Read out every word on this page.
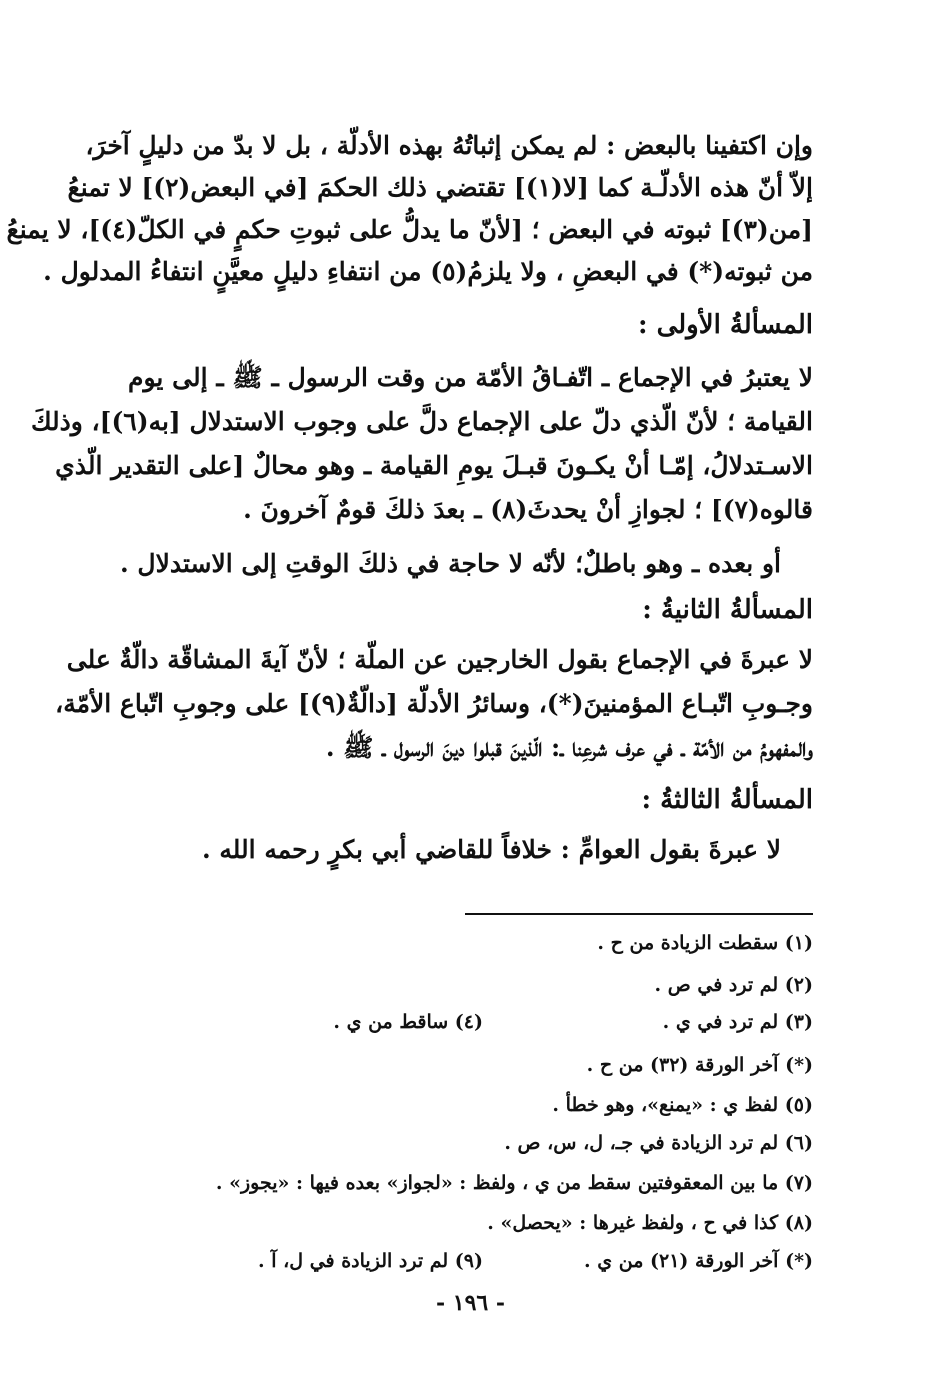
وإن اكتفينا بالبعض : لم يمكن إثباتُهُ بهذه الأدلّة ، بل لا بدّ من دليلٍ آخرَ،
إلاّ أنّ هذه الأدلّـة كما [لا(١)] تقتضي ذلك الحكمَ [في البعض(٢)] لا تمنعُ
[من(٣)] ثبوته في البعض ؛ [لأنّ ما يدلُّ على ثبوتِ حكمٍ في الكلّ(٤)]، لا يمنعُ
من ثبوته(*) في البعضِ ، ولا يلزمُ(٥) من انتفاءِ دليلٍ معيَّنٍ انتفاءُ المدلول .
المسألةُ الأولى :
لا يعتبرُ في الإجماع ـ اتّفـاقُ الأمّة من وقت الرسول ـ ﷺ ـ إلى يوم
القيامة ؛ لأنّ الّذي دلّ على الإجماع دلَّ على وجوب الاستدلال [به(٦)]، وذلكَ
الاسـتدلالُ، إمّـا أنْ يكـونَ قبـلَ يومِ القيامة ـ وهو محالٌ [على التقدير الّذي
قالوه(٧)] ؛ لجوازِ أنْ يحدثَ(٨) ـ بعدَ ذلكَ قومٌ آخرونَ .
أو بعده ـ وهو باطلٌ؛ لأنّه لا حاجة في ذلكَ الوقتِ إلى الاستدلال .
المسألةُ الثانيةُ :
لا عبرةَ في الإجماع بقول الخارجين عن الملّة ؛ لأنّ آيةَ المشاقّة دالّةٌ على
وجـوبِ اتّبـاع المؤمنينَ(*)، وسائرُ الأدلّة [دالّةٌ(٩)] على وجوبِ اتّباع الأمّة،
والمفهومُ من الأمّة ـ في عرف شرعِنا ـ: الّذينَ قبلوا دينَ الرسول ـ ﷺ .
المسألةُ الثالثةُ :
لا عبرةَ بقول العوامِّ : خلافاً للقاضي أبي بكرٍ رحمه الله .
(١) سقطت الزيادة من ح .
(٢) لم ترد في ص .
(٣) لم ترد في ي .
(٤) ساقط من ي .
(*) آخر الورقة (٣٢) من ح .
(٥) لفظ ي : «يمنع»، وهو خطأ .
(٦) لم ترد الزيادة في جـ، ل، س، ص .
(٧) ما بين المعقوفتين سقط من ي ، ولفظ : «لجواز» بعده فيها : «يجوز» .
(٨) كذا في ح ، ولفظ غيرها : «يحصل» .
(*) آخر الورقة (٢١) من ي .
(٩) لم ترد الزيادة في ل، آ .
- ١٩٦ -
